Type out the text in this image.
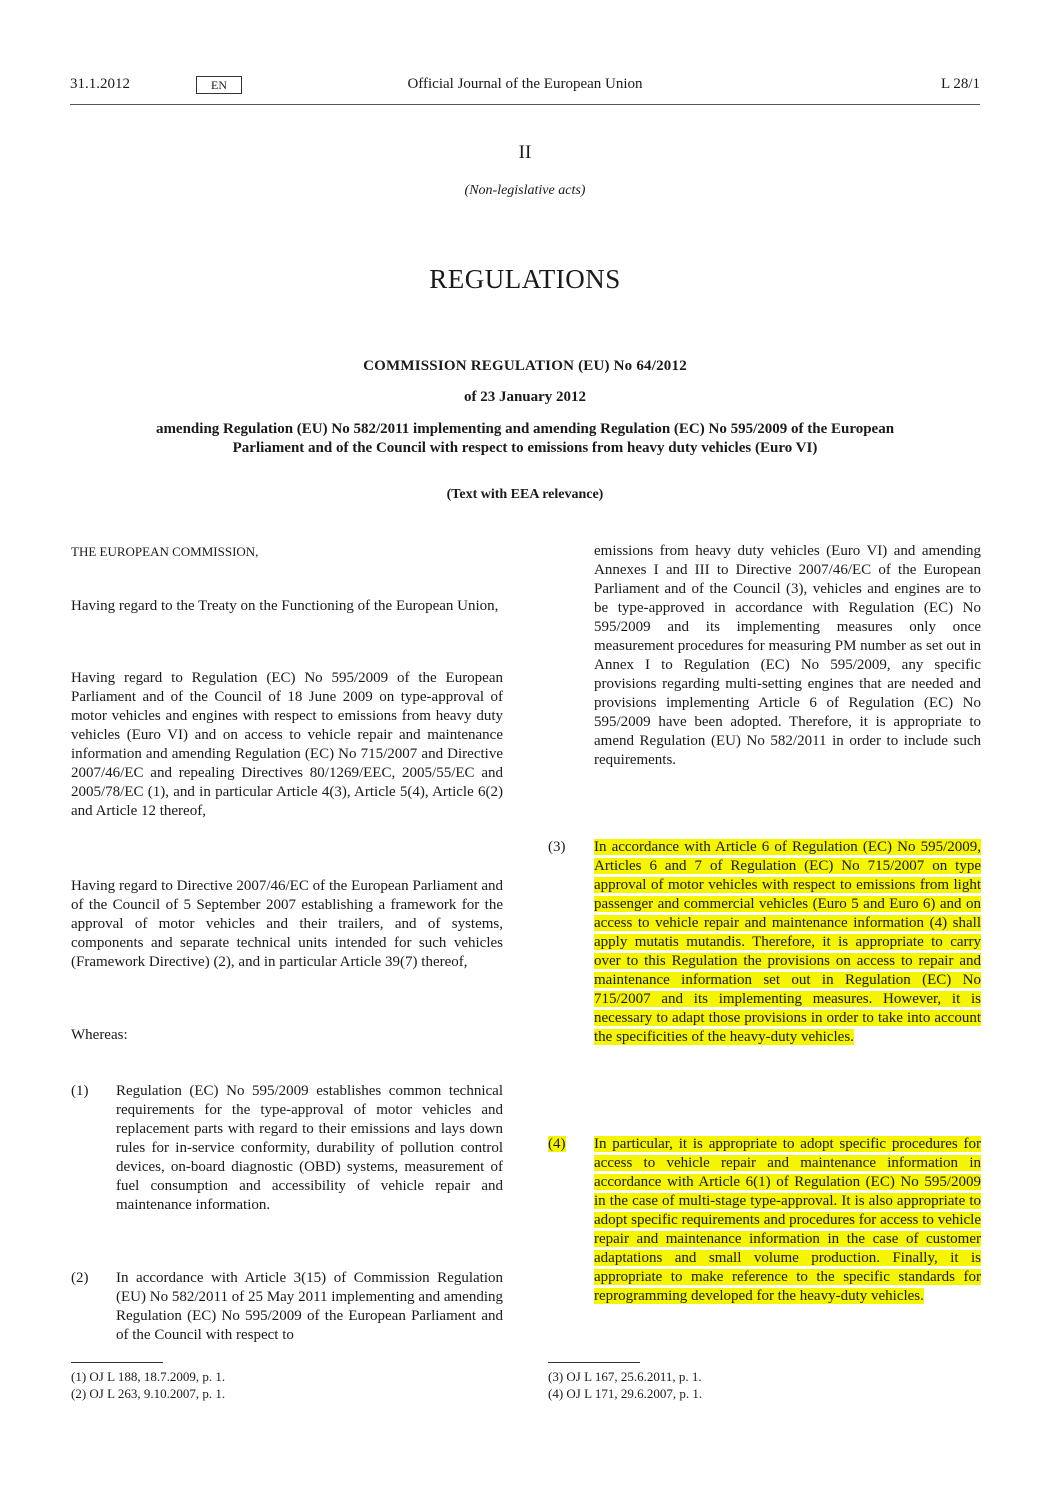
31.1.2012	EN	Official Journal of the European Union	L 28/1
II
(Non-legislative acts)
REGULATIONS
COMMISSION REGULATION (EU) No 64/2012
of 23 January 2012
amending Regulation (EU) No 582/2011 implementing and amending Regulation (EC) No 595/2009 of the European Parliament and of the Council with respect to emissions from heavy duty vehicles (Euro VI)
(Text with EEA relevance)
THE EUROPEAN COMMISSION,
Having regard to the Treaty on the Functioning of the European Union,
Having regard to Regulation (EC) No 595/2009 of the European Parliament and of the Council of 18 June 2009 on type-approval of motor vehicles and engines with respect to emissions from heavy duty vehicles (Euro VI) and on access to vehicle repair and maintenance information and amending Regulation (EC) No 715/2007 and Directive 2007/46/EC and repealing Directives 80/1269/EEC, 2005/55/EC and 2005/78/EC (1), and in particular Article 4(3), Article 5(4), Article 6(2) and Article 12 thereof,
Having regard to Directive 2007/46/EC of the European Parliament and of the Council of 5 September 2007 establishing a framework for the approval of motor vehicles and their trailers, and of systems, components and separate technical units intended for such vehicles (Framework Directive) (2), and in particular Article 39(7) thereof,
Whereas:
(1) Regulation (EC) No 595/2009 establishes common technical requirements for the type-approval of motor vehicles and replacement parts with regard to their emissions and lays down rules for in-service conformity, durability of pollution control devices, on-board diagnostic (OBD) systems, measurement of fuel consumption and accessibility of vehicle repair and maintenance information.
(2) In accordance with Article 3(15) of Commission Regulation (EU) No 582/2011 of 25 May 2011 implementing and amending Regulation (EC) No 595/2009 of the European Parliament and of the Council with respect to
(1) OJ L 188, 18.7.2009, p. 1.
(2) OJ L 263, 9.10.2007, p. 1.
emissions from heavy duty vehicles (Euro VI) and amending Annexes I and III to Directive 2007/46/EC of the European Parliament and of the Council (3), vehicles and engines are to be type-approved in accordance with Regulation (EC) No 595/2009 and its implementing measures only once measurement procedures for measuring PM number as set out in Annex I to Regulation (EC) No 595/2009, any specific provisions regarding multi-setting engines that are needed and provisions implementing Article 6 of Regulation (EC) No 595/2009 have been adopted. Therefore, it is appropriate to amend Regulation (EU) No 582/2011 in order to include such requirements.
(3) In accordance with Article 6 of Regulation (EC) No 595/2009, Articles 6 and 7 of Regulation (EC) No 715/2007 on type approval of motor vehicles with respect to emissions from light passenger and commercial vehicles (Euro 5 and Euro 6) and on access to vehicle repair and maintenance information (4) shall apply mutatis mutandis. Therefore, it is appropriate to carry over to this Regulation the provisions on access to repair and maintenance information set out in Regulation (EC) No 715/2007 and its implementing measures. However, it is necessary to adapt those provisions in order to take into account the specificities of the heavy-duty vehicles.
(4) In particular, it is appropriate to adopt specific procedures for access to vehicle repair and maintenance information in accordance with Article 6(1) of Regulation (EC) No 595/2009 in the case of multi-stage type-approval. It is also appropriate to adopt specific requirements and procedures for access to vehicle repair and maintenance information in the case of customer adaptations and small volume production. Finally, it is appropriate to make reference to the specific standards for reprogramming developed for the heavy-duty vehicles.
(3) OJ L 167, 25.6.2011, p. 1.
(4) OJ L 171, 29.6.2007, p. 1.
